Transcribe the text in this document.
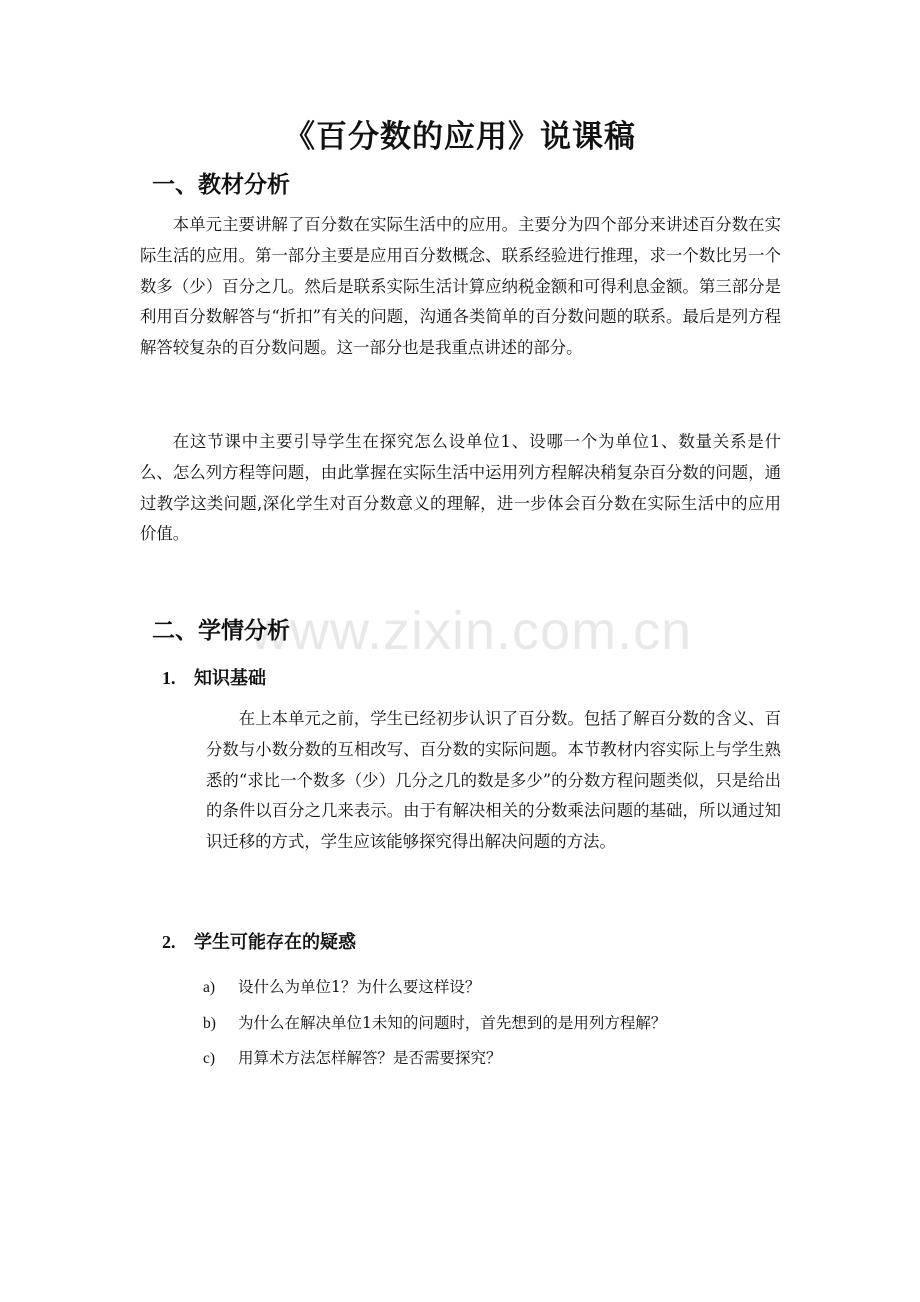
《百分数的应用》说课稿
一、教材分析

本单元主要讲解了百分数在实际生活中的应用。主要分为四个部分来讲述百分数在实际生活的应用。第一部分主要是应用百分数概念、联系经验进行推理，求一个数比另一个数多（少）百分之几。然后是联系实际生活计算应纳税金额和可得利息金额。第三部分是利用百分数解答与“折扣”有关的问题，沟通各类简单的百分数问题的联系。最后是列方程解答较复杂的百分数问题。这一部分也是我重点讲述的部分。

在这节课中主要引导学生在探究怎么设单位1、设哪一个为单位1、数量关系是什么、怎么列方程等问题，由此掌握在实际生活中运用列方程解决稍复杂百分数的问题，通过教学这类问题,深化学生对百分数意义的理解，进一步体会百分数在实际生活中的应用价值。

二、学情分析
1. 知识基础

在上本单元之前，学生已经初步认识了百分数。包括了解百分数的含义、百分数与小数分数的互相改写、百分数的实际问题。本节教材内容实际上与学生熟悉的“求比一个数多（少）几分之几的数是多少”的分数方程问题类似，只是给出的条件以百分之几来表示。由于有解决相关的分数乘法问题的基础，所以通过知识迁移的方式，学生应该能够探究得出解决问题的方法。

2. 学生可能存在的疑惑
a) 设什么为单位1？为什么要这样设？
b) 为什么在解决单位1未知的问题时，首先想到的是用列方程解？
c) 用算术方法怎样解答？是否需要探究？
www.zixin.com.cn
